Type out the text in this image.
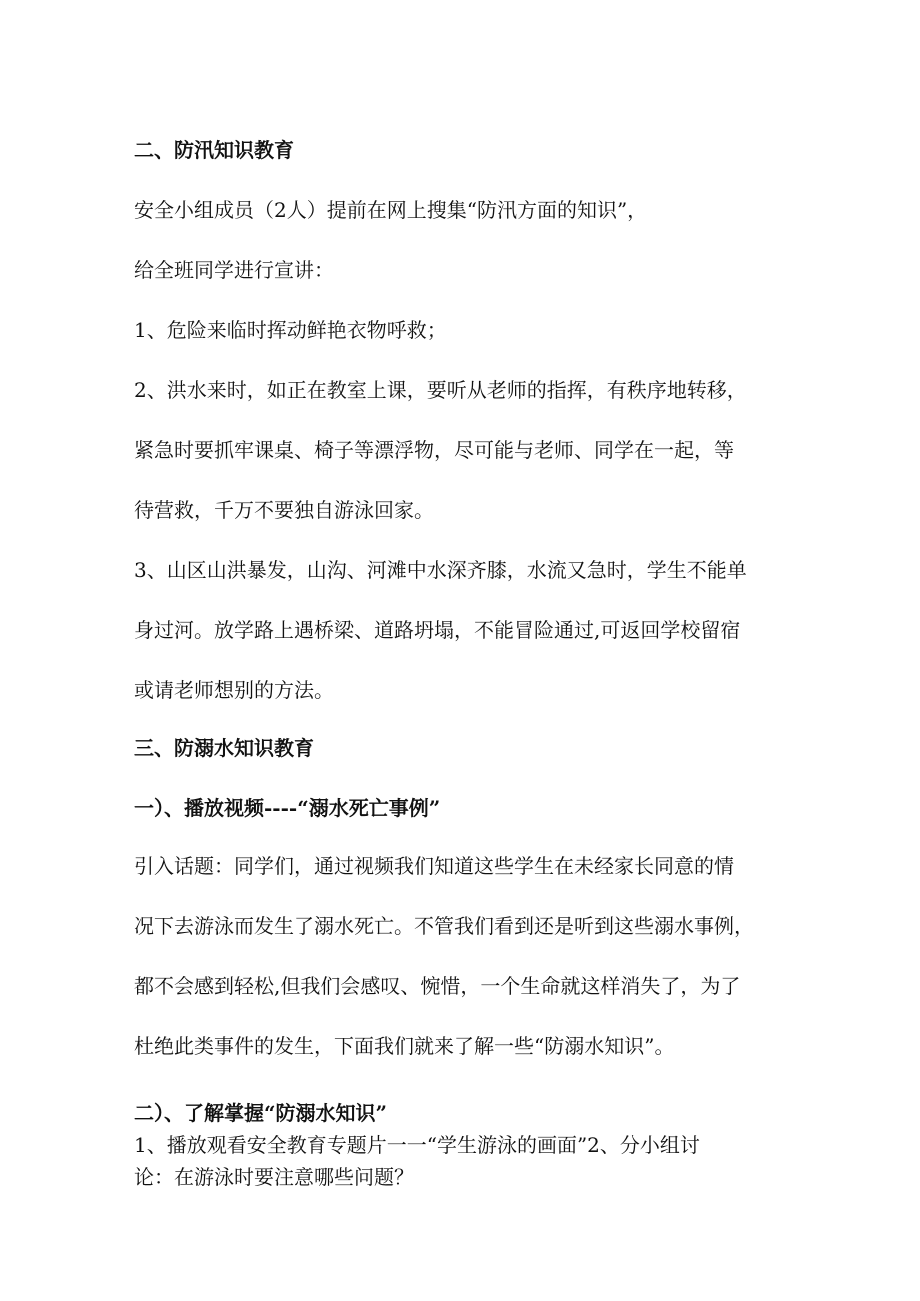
二、防汛知识教育

安全小组成员（2人）提前在网上搜集“防汛方面的知识”，

给全班同学进行宣讲：

1、危险来临时挥动鲜艳衣物呼救；

2、洪水来时，如正在教室上课，要听从老师的指挥，有秩序地转移，

紧急时要抓牢课桌、椅子等漂浮物，尽可能与老师、同学在一起，等

待营救，千万不要独自游泳回家。

3、山区山洪暴发，山沟、河滩中水深齐膝，水流又急时，学生不能单

身过河。放学路上遇桥梁、道路坍塌，不能冒险通过,可返回学校留宿

或请老师想别的方法。

三、防溺水知识教育

一）、播放视频----“溺水死亡事例”

引入话题：同学们，通过视频我们知道这些学生在未经家长同意的情

况下去游泳而发生了溺水死亡。不管我们看到还是听到这些溺水事例，

都不会感到轻松,但我们会感叹、惋惜，一个生命就这样消失了，为了

杜绝此类事件的发生，下面我们就来了解一些“防溺水知识”。

二）、了解掌握“防溺水知识”

1、播放观看安全教育专题片一一“学生游泳的画面”2、分小组讨

论：在游泳时要注意哪些问题？
